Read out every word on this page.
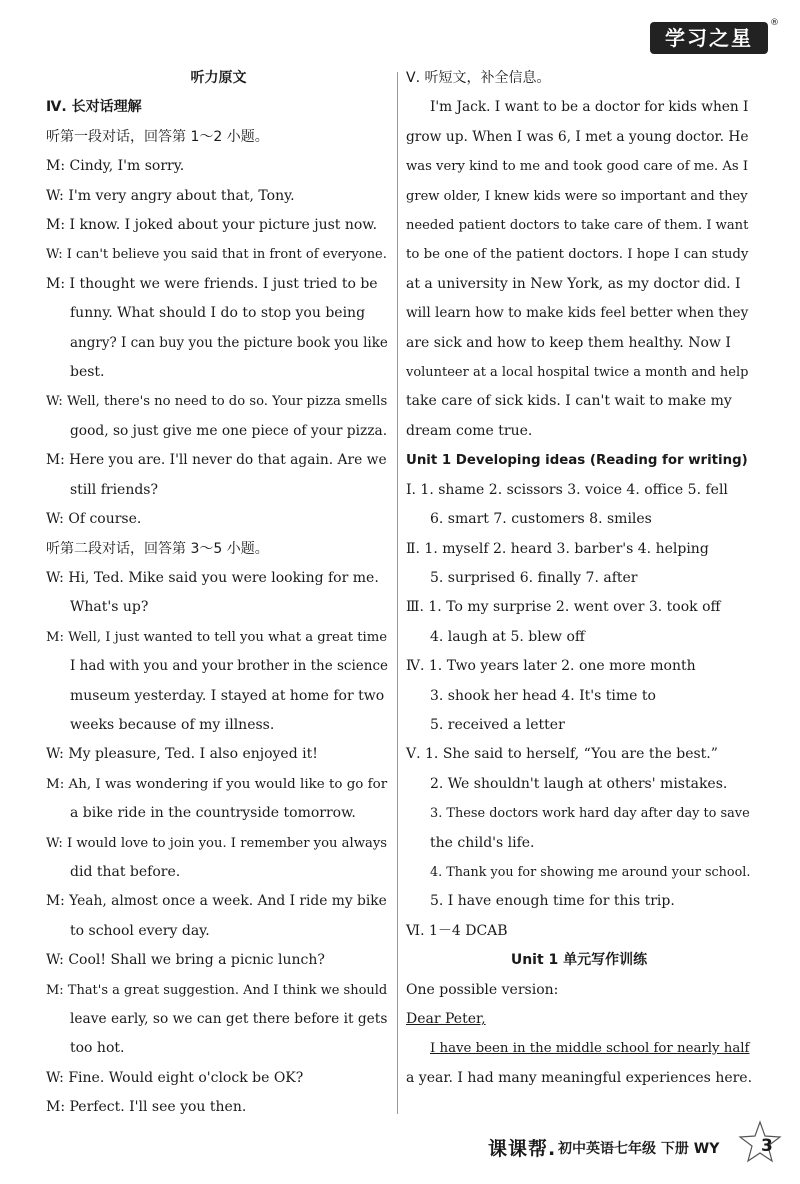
学习之星
®
听力原文
Ⅳ. 长对话理解
听第一段对话，回答第 1～2 小题。
M: Cindy, I'm sorry.
W: I'm very angry about that, Tony.
M: I know. I joked about your picture just now.
W: I can't believe you said that in front of everyone.
M: I thought we were friends. I just tried to be
funny. What should I do to stop you being
angry? I can buy you the picture book you like
best.
W: Well, there's no need to do so. Your pizza smells
good, so just give me one piece of your pizza.
M: Here you are. I'll never do that again. Are we
still friends?
W: Of course.
听第二段对话，回答第 3～5 小题。
W: Hi, Ted. Mike said you were looking for me.
What's up?
M: Well, I just wanted to tell you what a great time
I had with you and your brother in the science
museum yesterday. I stayed at home for two
weeks because of my illness.
W: My pleasure, Ted. I also enjoyed it!
M: Ah, I was wondering if you would like to go for
a bike ride in the countryside tomorrow.
W: I would love to join you. I remember you always
did that before.
M: Yeah, almost once a week. And I ride my bike
to school every day.
W: Cool! Shall we bring a picnic lunch?
M: That's a great suggestion. And I think we should
leave early, so we can get there before it gets
too hot.
W: Fine. Would eight o'clock be OK?
M: Perfect. I'll see you then.
Ⅴ. 听短文，补全信息。
I'm Jack. I want to be a doctor for kids when I
grow up. When I was 6, I met a young doctor. He
was very kind to me and took good care of me. As I
grew older, I knew kids were so important and they
needed patient doctors to take care of them. I want
to be one of the patient doctors. I hope I can study
at a university in New York, as my doctor did. I
will learn how to make kids feel better when they
are sick and how to keep them healthy. Now I
volunteer at a local hospital twice a month and help
take care of sick kids. I can't wait to make my
dream come true.
Unit 1 Developing ideas (Reading for writing)
Ⅰ. 1. shame 2. scissors 3. voice 4. office 5. fell
6. smart 7. customers 8. smiles
Ⅱ. 1. myself 2. heard 3. barber's 4. helping
5. surprised 6. finally 7. after
Ⅲ. 1. To my surprise 2. went over 3. took off
4. laugh at 5. blew off
Ⅳ. 1. Two years later 2. one more month
3. shook her head 4. It's time to
5. received a letter
Ⅴ. 1. She said to herself, “You are the best.”
2. We shouldn't laugh at others' mistakes.
3. These doctors work hard day after day to save
the child's life.
4. Thank you for showing me around your school.
5. I have enough time for this trip.
Ⅵ. 1－4 DCAB
Unit 1 单元写作训练
One possible version:
Dear Peter,
I have been in the middle school for nearly half
a year. I had many meaningful experiences here.
课课帮. 初中英语七年级 下册 WY 3
